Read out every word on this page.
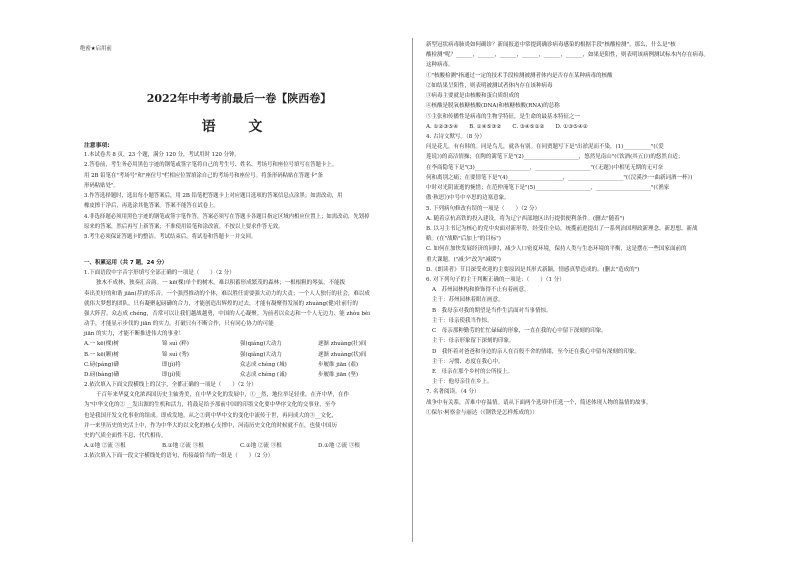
绝密★启用前
2022年中考考前最后一卷【陕西卷】
语 文
注意事项:

1.本试卷共 8 页，23 个题，满分 120 分，考试用时 120 分钟。

2.答卷前，考生务必用黑色字迹的钢笔或签字笔将自己的考生号、姓名、考场号和座位号填写在答题卡上。

用 2B 铅笔在"考场号"和"座位号"栏相应位置填涂自己的考场号和座位号。将条形码粘贴在答题卡"条

形码粘贴处"。

3.作答选择题时，选出每小题答案后，用 2B 铅笔把答题卡上对应题目选项的答案信息点涂黑；如需改动，用

橡皮擦干净后，再选涂其他答案。答案不能答在试卷上。

4.非选择题必须用黑色字迹的钢笔或签字笔作答，答案必须写在答题卡各题目指定区域内相应位置上；如需改动，先划掉

原来的答案，然后再写上新答案；不准使用铅笔和涂改液。不按以上要求作答无效。

5.考生必须保证答题卡的整洁。考试结束后，将试卷和答题卡一并交回。

一、积累运用（共 7 题，24 分）

1.下面语段中字音字形填写全部正确的一项是（　　）（2 分）

独木不成林，独奏汇音韵。一 kē(棵)单个的树木，难以积蓄形成繁茂的森林；一根根粗的琴弦，不能拨

奏出美好的和谐 jiān(荐)的乐音。一个强烈推动的个体，难以胜任需要强大动力的大责；一个人人独行的社会，难以成

就伟大梦想的团队。只有凝聚起磅礴的合力，才能创造出辉煌的过去，才能有凝聚得发展的 zhuàng(健)壮前行的

强大阵营。众志成 chéng，否常可以让我们越战越勇，中国的人心凝聚。为前者以众志和一个人无边力、能 zhòu bèi

动手，才能显示步伐的 jiān 的实力。打破只有不断合作，只有同心协力的可能

jiān 的实力，才能不断推进伟大的事业！

A.一 kē(棵)树	锦 suì (粹)	强(qiáng)大动力	逐渐 zhuàng(壮)间
B.一 kē(颗)树	锦 suì (秀)	强(qiǎng)大动力	逐渐 zhuàng(状)间
C.磅(páng)礴	即(jì)将	众志成 chéng (城)	步履维 jiān (艰)
D.磅(bàng)礴	即(jí)使	众志成 chéng (诚)	步履维 jiān (坚)

2.依次填入下面文段横线上的汉字，全都正确的一项是（　　）（2 分）

千百年来华夏文化浓西国历史主轴秀美，在中华文化的发展中，①__然，地位举足轻重，在齐中华，在作

为"中华文化的② __发出源的生机和活力，将鼓足给予那前中国的印墨文化要中华序文化的交事业，至今

也是我国开发文化事业的组成。即成发地。从之②到中华中文的变化中流传于世，再问成大的③__文化，

并一来里历史的史活上中，作为中华大的以文化的核心支撑中，河南历史文化的时候就不在，也使中国历

史的气质全面性不息，代代相传。

A.①地 ②流 ③根	B.①地 ②流 ③根	C.①地 ②流 ③根	D.①地 ②流 ③根

3.依次填入下面一段文字横线处的语句，衔接最恰当的一组是（　　）（2 分）

新型冠状病毒肺炎如何确诊？新闻报道中常提到确诊病毒感染的根据手段"核酸检测"。那么，什么是"核

酸检测"呢？______，______，______，______，______，______，如果是阳性，则表明该病例测试标本内存在病毒。

这种病毒。

①"核酸检测"指通过一定的技术手段检测被测者体内是否存在某种病毒的核酸

②如结果呈阳性，则表明被测试者体内存在该种病毒

③病毒主要就是由核酸和蛋白质组成的

④核酸是脱氧核糖核酸(DNA)和核糖核酸(RNA)的总称

⑤主张和传播性是病毒的生物学特征，是生命的最基本特征之一

A. ①②③⑤④　　B. ①④⑤③②　　C. ③④⑤①②　　D. ①③⑤④②

4. 古诗文默写。（8 分）

问是花儿，有有韩的。同是鸟儿，就各有别。在同贾题写下是"出淤泥而不染，(1)__________"(《爱

莲说》)的高洁情操；在陶的篱笔下是"(2)____________________，悠然见南山"(《饮酒(其五)》)的悠然自适；

在李商隐笔下是"(3)____________________，____________________"(《无题》)中相见无期的无可奈

何和离别之痛；在要情笔下是"(4)____________________，____________________"(《浣溪沙·一曲新词酒一杯》)

中时对光阴流逝的惋惜；在范仲淹笔下是"(5)____________________，____________________"(《渔家

傲·秋思》)中号中卒思的边塞意象。

5. 下列病句修改有误的一项是（　　）（2 分）

A. 随着京杭高铁的投入建设，将为辽宁西部地区出行提供便利条件。(删去"随着")

B. 以习主书记为核心的党中央面对新形势，经受住全局，统揽前进提出了一系列治国理政新理念、新思想、新战

略。(在"战略"后加上"的目标")

C. 如何在加快发展经济的同时，减少人口密度环境，保持人类与生态环境的平衡，这是摆在一些国家面前的

重大课题。("减少"改为"减缓")

D.《朗读者》节目深受欢迎的主要原因是其形式新颖，情感真挚造成的。(删去"造成的")

6. 对下列句子的主干判断正确的一项是：（　　）（1 分）

A　苏州园林构和修饰得不止有着画意。

主干：苏州园林着眼在画意。

B　我母亲对我的期望是当作生活面对当事情惊。

主干：母亲使我当作惊。

C　母亲那种勤劳的忙忙碌碌的形象，一直在我的心中留下深刻的印象。

主干：母亲形象留下深刻的印象。

D　我怀着对爸爸和身边的亲人在百般不舍的情绪，至今还在我心中留有深刻的印象。

主干：习惯、态度在我心中。

E　母亲在那个乡村的公所接上。

主干：他母亲住在乡上。

7. 名著阅读。（4 分）

战争中有关系，苦难中存温情。请从下面两个选项中任选一个，简述体现人物的温情的故事。

①保尔·柯察金与丽达（《钢铁是怎样炼成的》）
